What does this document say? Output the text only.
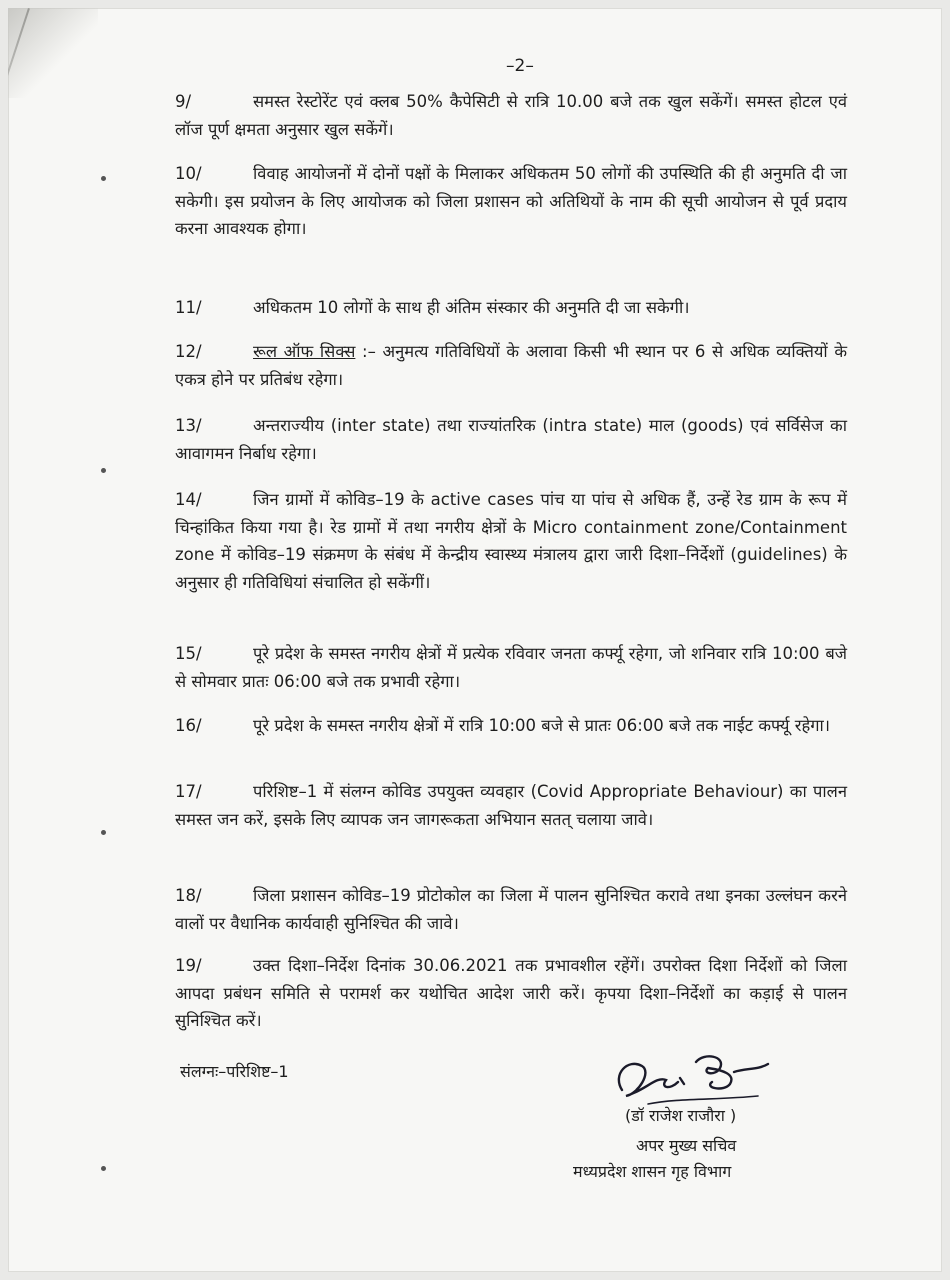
–2–
9/	समस्त रेस्टोरेंट एवं क्लब 50% कैपेसिटी से रात्रि 10.00 बजे तक खुल सकेंगें। समस्त होटल एवं लॉज पूर्ण क्षमता अनुसार खुल सकेंगें।
10/	विवाह आयोजनों में दोनों पक्षों के मिलाकर अधिकतम 50 लोगों की उपस्थिति की ही अनुमति दी जा सकेगी। इस प्रयोजन के लिए आयोजक को जिला प्रशासन को अतिथियों के नाम की सूची आयोजन से पूर्व प्रदाय करना आवश्यक होगा।
11/	अधिकतम 10 लोगों के साथ ही अंतिम संस्कार की अनुमति दी जा सकेगी।
12/	रूल ऑफ सिक्स :– अनुमत्य गतिविधियों के अलावा किसी भी स्थान पर 6 से अधिक व्यक्तियों के एकत्र होने पर प्रतिबंध रहेगा।
13/	अन्तराज्यीय (inter state) तथा राज्यांतरिक (intra state) माल (goods) एवं सर्विसेज का आवागमन निर्बाध रहेगा।
14/	जिन ग्रामों में कोविड–19 के active cases पांच या पांच से अधिक हैं, उन्हें रेड ग्राम के रूप में चिन्हांकित किया गया है। रेड ग्रामों में तथा नगरीय क्षेत्रों के Micro containment zone/Containment zone में कोविड–19 संक्रमण के संबंध में केन्द्रीय स्वास्थ्य मंत्रालय द्वारा जारी दिशा–निर्देशों (guidelines) के अनुसार ही गतिविधियां संचालित हो सकेंगीं।
15/	पूरे प्रदेश के समस्त नगरीय क्षेत्रों में प्रत्येक रविवार जनता कर्फ्यू रहेगा, जो शनिवार रात्रि 10:00 बजे से सोमवार प्रातः 06:00 बजे तक प्रभावी रहेगा।
16/	पूरे प्रदेश के समस्त नगरीय क्षेत्रों में रात्रि 10:00 बजे से प्रातः 06:00 बजे तक नाईट कर्फ्यू रहेगा।
17/	परिशिष्ट–1 में संलग्न कोविड उपयुक्त व्यवहार (Covid Appropriate Behaviour) का पालन समस्त जन करें, इसके लिए व्यापक जन जागरूकता अभियान सतत् चलाया जावे।
18/	जिला प्रशासन कोविड–19 प्रोटोकोल का जिला में पालन सुनिश्चित करावे तथा इनका उल्लंघन करने वालों पर वैधानिक कार्यवाही सुनिश्चित की जावे।
19/	उक्त दिशा–निर्देश दिनांक 30.06.2021 तक प्रभावशील रहेंगें। उपरोक्त दिशा निर्देशों को जिला आपदा प्रबंधन समिति से परामर्श कर यथोचित आदेश जारी करें। कृपया दिशा–निर्देशों का कड़ाई से पालन सुनिश्चित करें।
संलग्नः–परिशिष्ट–1
(डॉ राजेश राजौरा )
अपर मुख्य सचिव
मध्यप्रदेश शासन गृह विभाग
